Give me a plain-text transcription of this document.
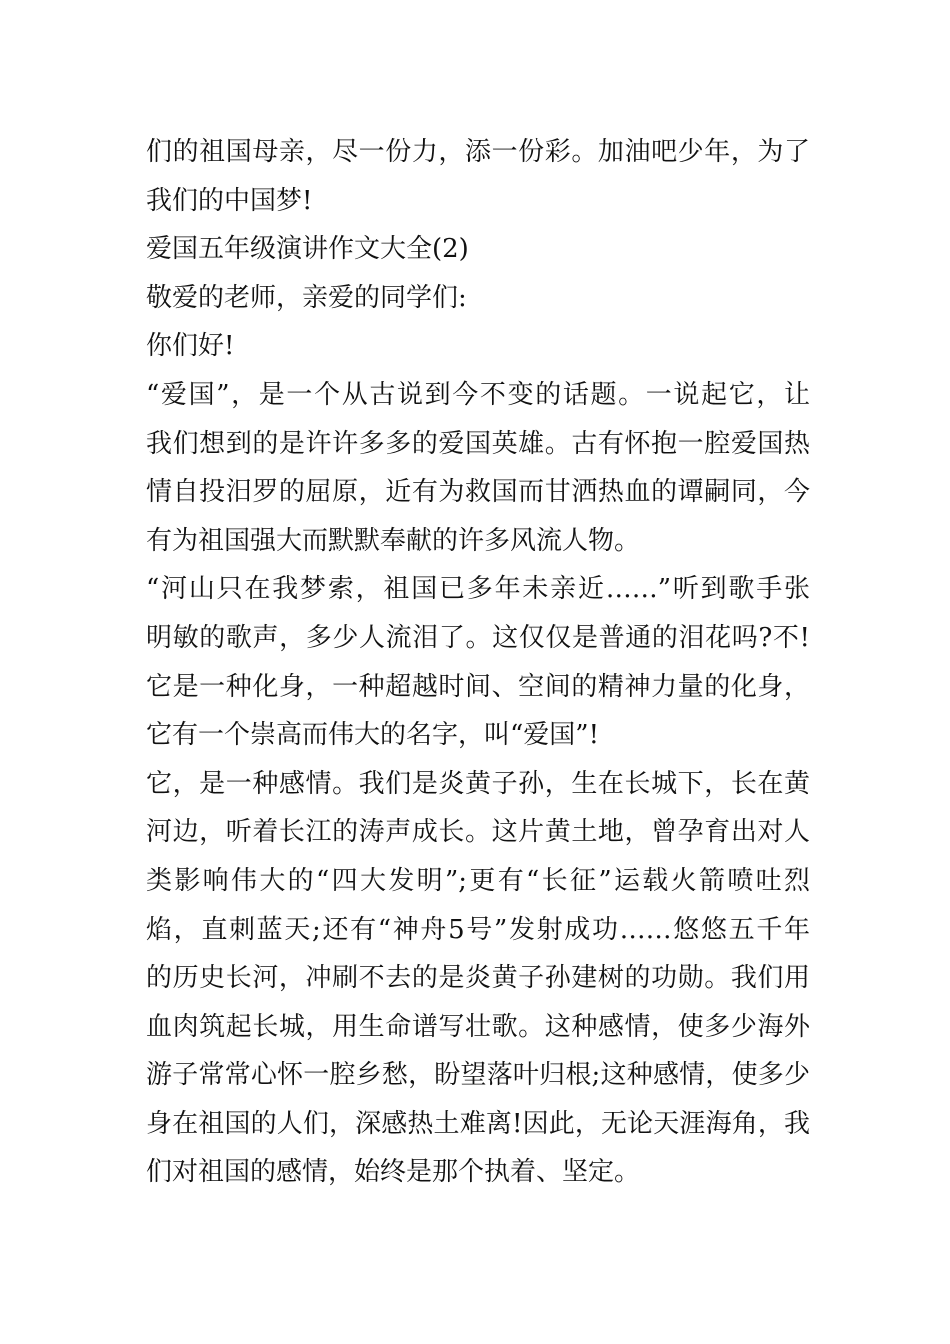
们的祖国母亲，尽一份力，添一份彩。加油吧少年，为了
我们的中国梦!
爱国五年级演讲作文大全(2)
敬爱的老师，亲爱的同学们:
你们好!
“爱国”，是一个从古说到今不变的话题。一说起它，让
我们想到的是许许多多的爱国英雄。古有怀抱一腔爱国热
情自投汨罗的屈原，近有为救国而甘洒热血的谭嗣同，今
有为祖国强大而默默奉献的许多风流人物。
“河山只在我梦索，祖国已多年未亲近……”听到歌手张
明敏的歌声，多少人流泪了。这仅仅是普通的泪花吗?不!
它是一种化身，一种超越时间、空间的精神力量的化身，
它有一个崇高而伟大的名字，叫“爱国”!
它，是一种感情。我们是炎黄子孙，生在长城下，长在黄
河边，听着长江的涛声成长。这片黄土地，曾孕育出对人
类影响伟大的“四大发明”;更有“长征”运载火箭喷吐烈
焰，直刺蓝天;还有“神舟5号”发射成功……悠悠五千年
的历史长河，冲刷不去的是炎黄子孙建树的功勋。我们用
血肉筑起长城，用生命谱写壮歌。这种感情，使多少海外
游子常常心怀一腔乡愁，盼望落叶归根;这种感情，使多少
身在祖国的人们，深感热土难离!因此，无论天涯海角，我
们对祖国的感情，始终是那个执着、坚定。
